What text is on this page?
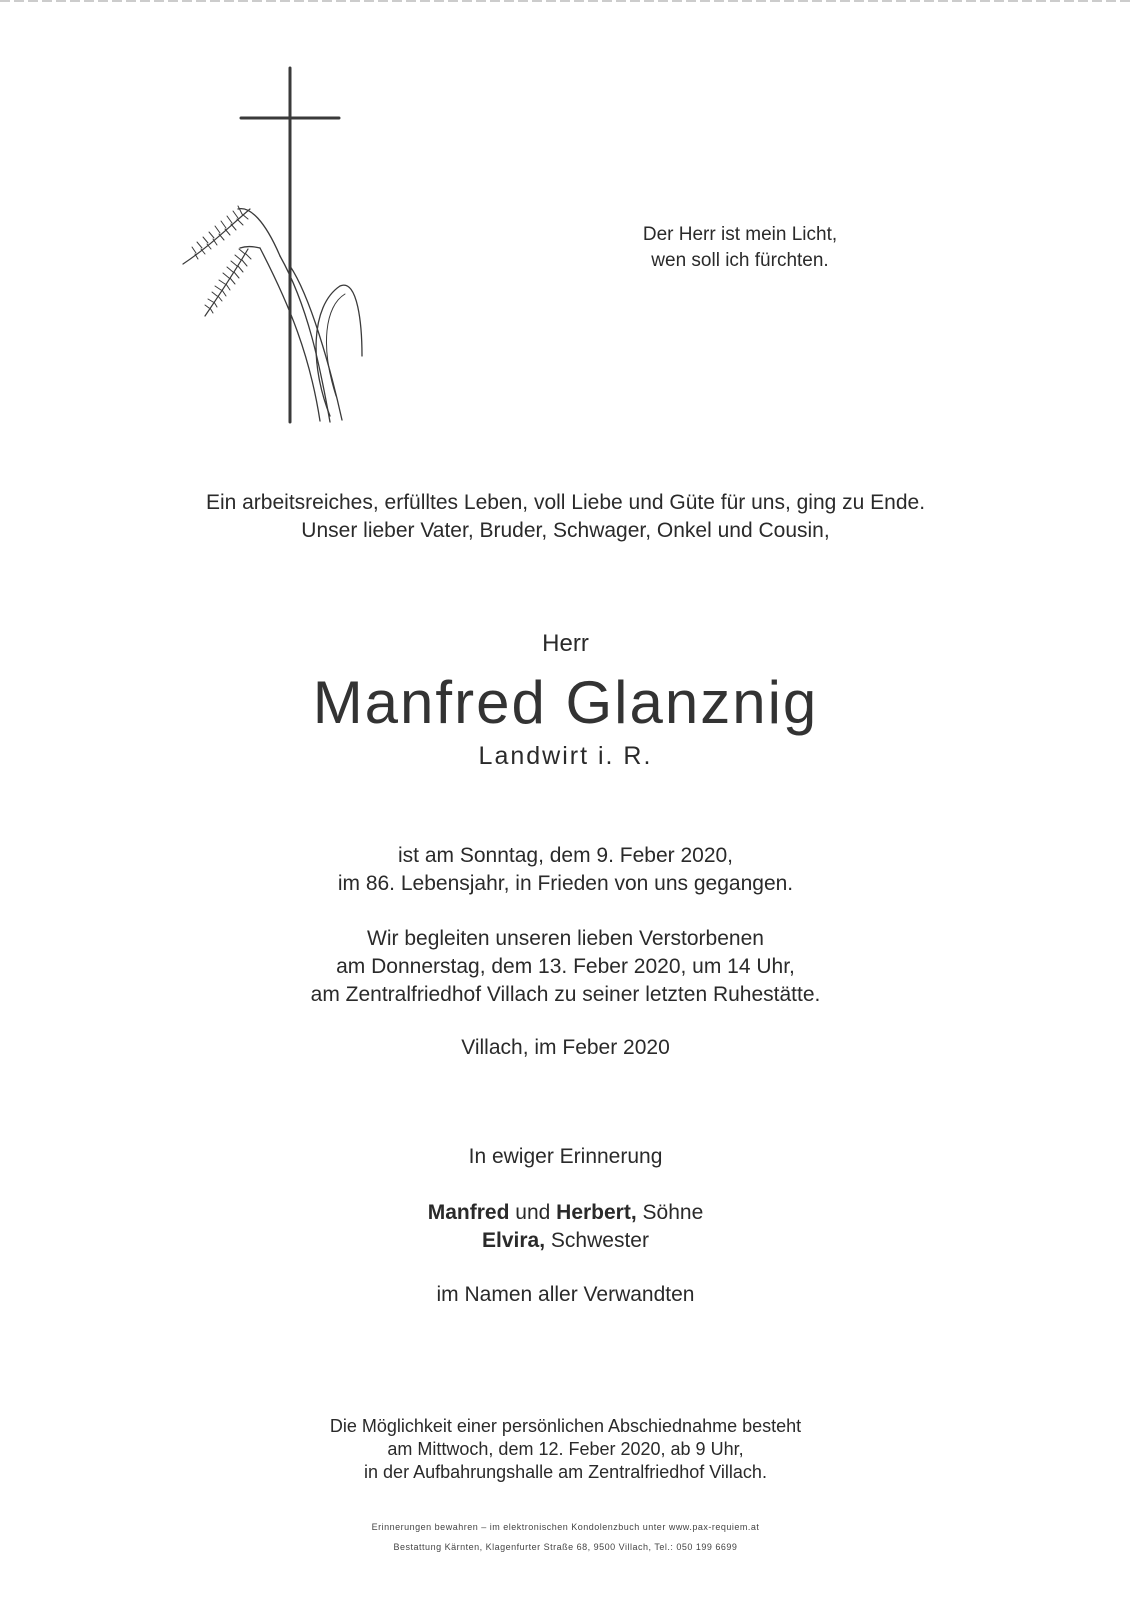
Der Herr ist mein Licht,
wen soll ich fürchten.
Ein arbeitsreiches, erfülltes Leben, voll Liebe und Güte für uns, ging zu Ende.
Unser lieber Vater, Bruder, Schwager, Onkel und Cousin,
Herr
Manfred Glanznig
Landwirt i. R.
ist am Sonntag, dem 9. Feber 2020,
im 86. Lebensjahr, in Frieden von uns gegangen.
Wir begleiten unseren lieben Verstorbenen
am Donnerstag, dem 13. Feber 2020, um 14 Uhr,
am Zentralfriedhof Villach zu seiner letzten Ruhestätte.
Villach, im Feber 2020
In ewiger Erinnerung
Manfred und Herbert, Söhne
Elvira, Schwester
im Namen aller Verwandten
Die Möglichkeit einer persönlichen Abschiednahme besteht
am Mittwoch, dem 12. Feber 2020, ab 9 Uhr,
in der Aufbahrungshalle am Zentralfriedhof Villach.
Erinnerungen bewahren – im elektronischen Kondolenzbuch unter www.pax-requiem.at
Bestattung Kärnten, Klagenfurter Straße 68, 9500 Villach, Tel.: 050 199 6699
